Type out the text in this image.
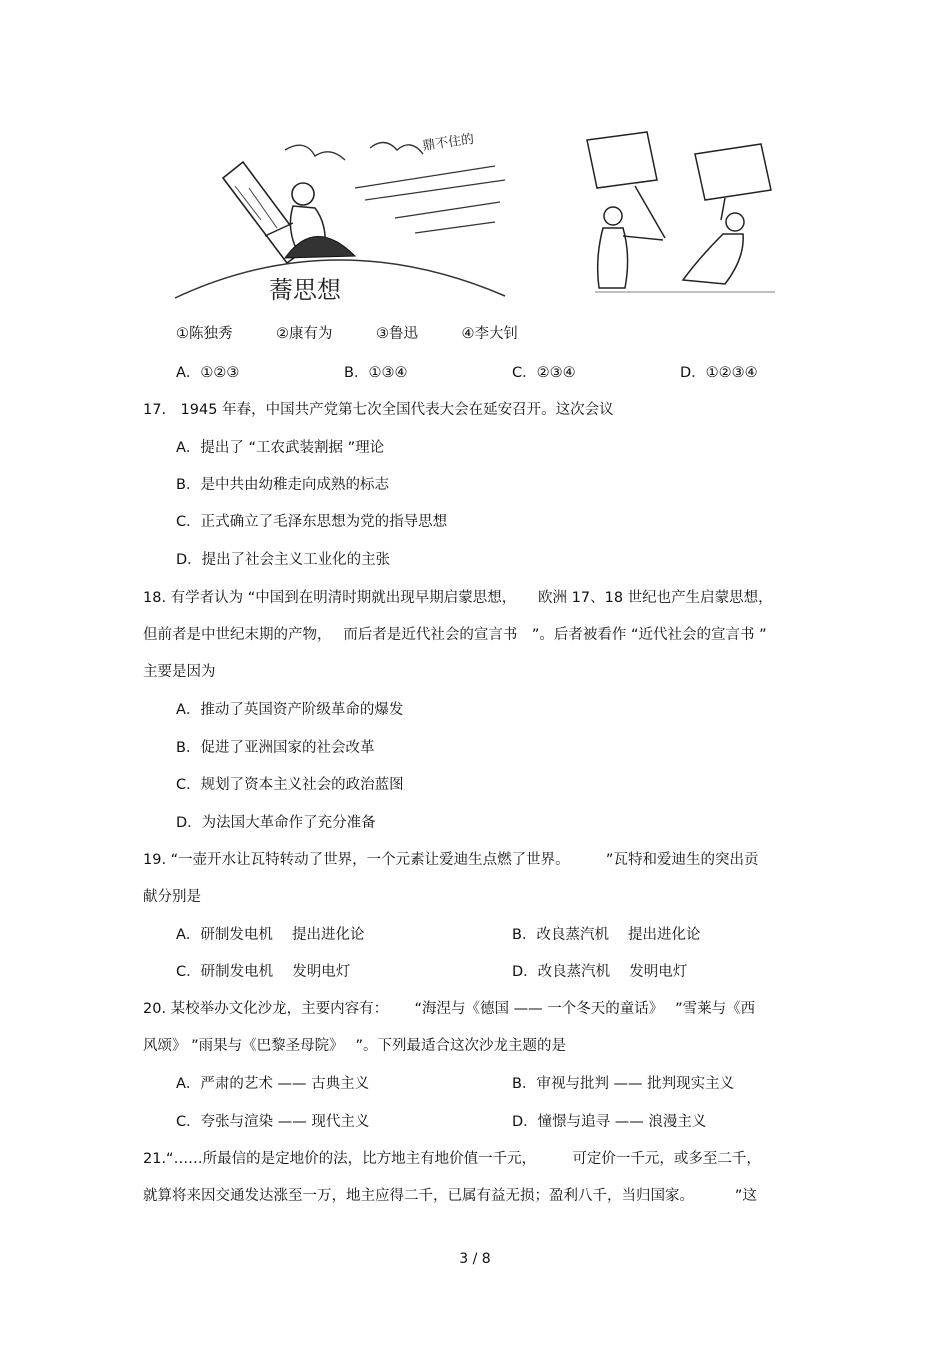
鼎不住的
蕎思想
①陈独秀　　　②康有为　　　③鲁迅　　　④李大钊
A．①②③	B．①③④	C．②③④	D．①②③④
17.　1945 年春，中国共产党第七次全国代表大会在延安召开。这次会议
A．提出了 “工农武装割据 ”理论
B．是中共由幼稚走向成熟的标志
C．正式确立了毛泽东思想为党的指导思想
D．提出了社会主义工业化的主张
18. 有学者认为 “中国到在明清时期就出现早期启蒙思想，　　欧洲 17、18 世纪也产生启蒙思想，
但前者是中世纪末期的产物，　 而后者是近代社会的宣言书　”。后者被看作 “近代社会的宣言书 ”
主要是因为
A．推动了英国资产阶级革命的爆发
B．促进了亚洲国家的社会改革
C．规划了资本主义社会的政治蓝图
D．为法国大革命作了充分准备
19. “一壶开水让瓦特转动了世界，一个元素让爱迪生点燃了世界。　　　”瓦特和爱迪生的突出贡
献分别是
A．研制发电机　 提出进化论	B．改良蒸汽机　 提出进化论
C．研制发电机　 发明电灯	D．改良蒸汽机　 发明电灯
20. 某校举办文化沙龙，主要内容有：　　 “海涅与《德国 —— 一个冬天的童话》　 ”雪莱与《西
风颂》 ”雨果与《巴黎圣母院》　 ”。下列最适合这次沙龙主题的是
A．严肃的艺术 —— 古典主义	B．审视与批判 —— 批判现实主义
C．夸张与渲染 —— 现代主义	D．憧憬与追寻 —— 浪漫主义
21.“……所最信的是定地价的法，比方地主有地价值一千元，　　　可定价一千元，或多至二千，
就算将来因交通发达涨至一万，地主应得二千，已属有益无损；盈利八千，当归国家。　　　 ”这
3 / 8
